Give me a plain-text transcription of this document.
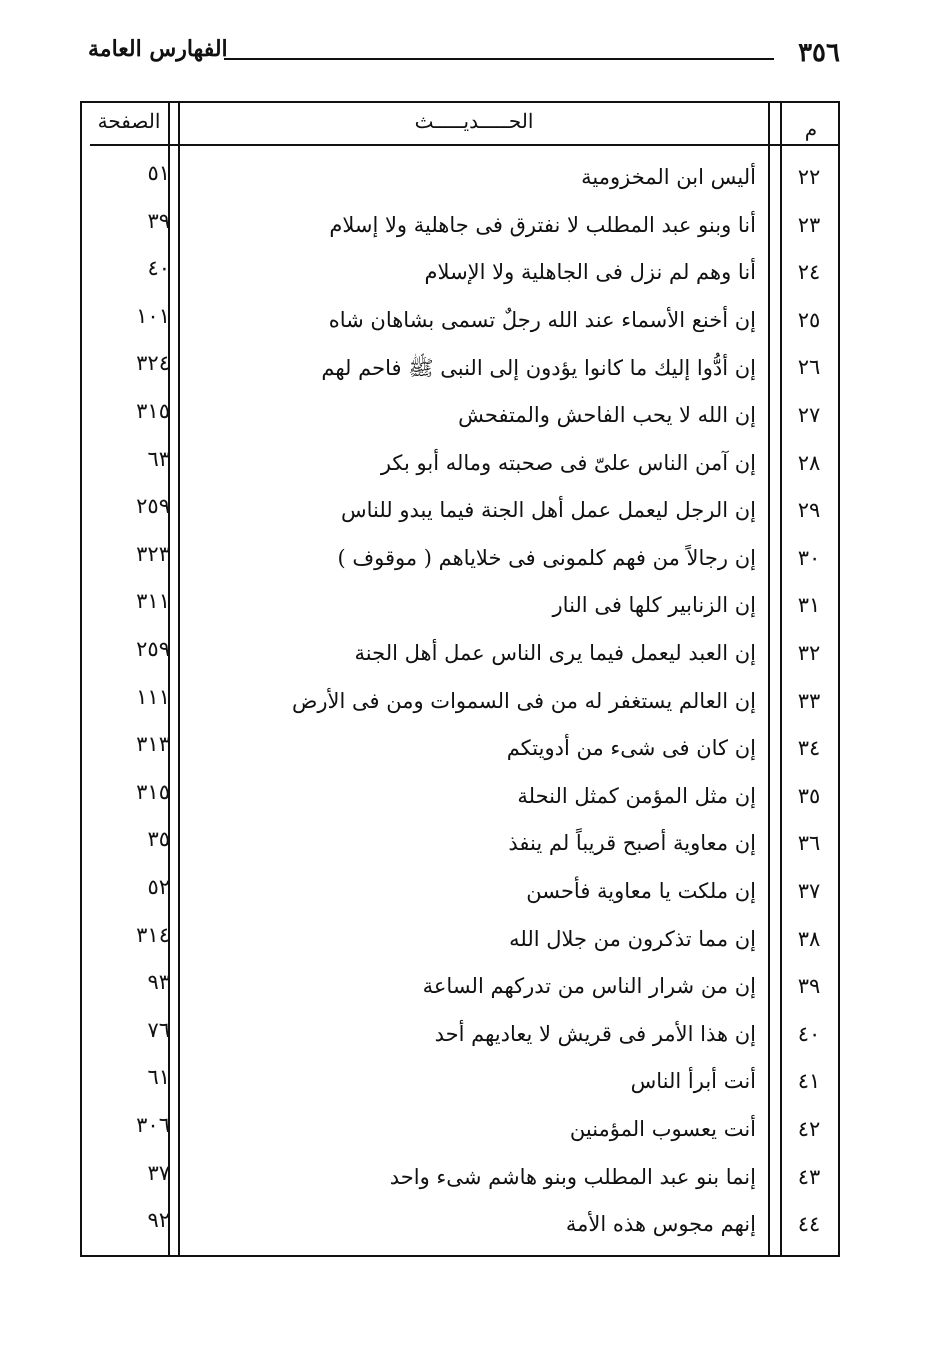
٣٥٦
الفهارس العامة
الصفحة	الحـــــديـــــث	م
٢٢
أليس ابن المخزومية
٥١
٢٣
أنا وبنو عبد المطلب لا نفترق فى جاهلية ولا إسلام
٣٩
٢٤
أنا وهم لم نزل فى الجاهلية ولا الإسلام
٤٠
٢٥
إن أخنع الأسماء عند الله رجلٌ تسمى بشاهان شاه
١٠١
٢٦
إن أدُّوا إليك ما كانوا يؤدون إلى النبى ﷺ فاحم لهم
٣٢٤
٢٧
إن الله لا يحب الفاحش والمتفحش
٣١٥
٢٨
إن آمن الناس علىّ فى صحبته وماله أبو بكر
٦٣
٢٩
إن الرجل ليعمل عمل أهل الجنة فيما يبدو للناس
٢٥٩
٣٠
إن رجالاً من فهم كلمونى فى خلاياهم ( موقوف )
٣٢٣
٣١
إن الزنابير كلها فى النار
٣١١
٣٢
إن العبد ليعمل فيما يرى الناس عمل أهل الجنة
٢٥٩
٣٣
إن العالم يستغفر له من فى السموات ومن فى الأرض
١١١
٣٤
إن كان فى شىء من أدويتكم
٣١٣
٣٥
إن مثل المؤمن كمثل النحلة
٣١٥
٣٦
إن معاوية أصبح قريباً لم ينفذ
٣٥
٣٧
إن ملكت يا معاوية فأحسن
٥٢
٣٨
إن مما تذكرون من جلال الله
٣١٤
٣٩
إن من شرار الناس من تدركهم الساعة
٩٣
٤٠
إن هذا الأمر فى قريش لا يعاديهم أحد
٧٦
٤١
أنت أبرأ الناس
٦١
٤٢
أنت يعسوب المؤمنين
٣٠٦
٤٣
إنما بنو عبد المطلب وبنو هاشم شىء واحد
٣٧
٤٤
إنهم مجوس هذه الأمة
٩٢
